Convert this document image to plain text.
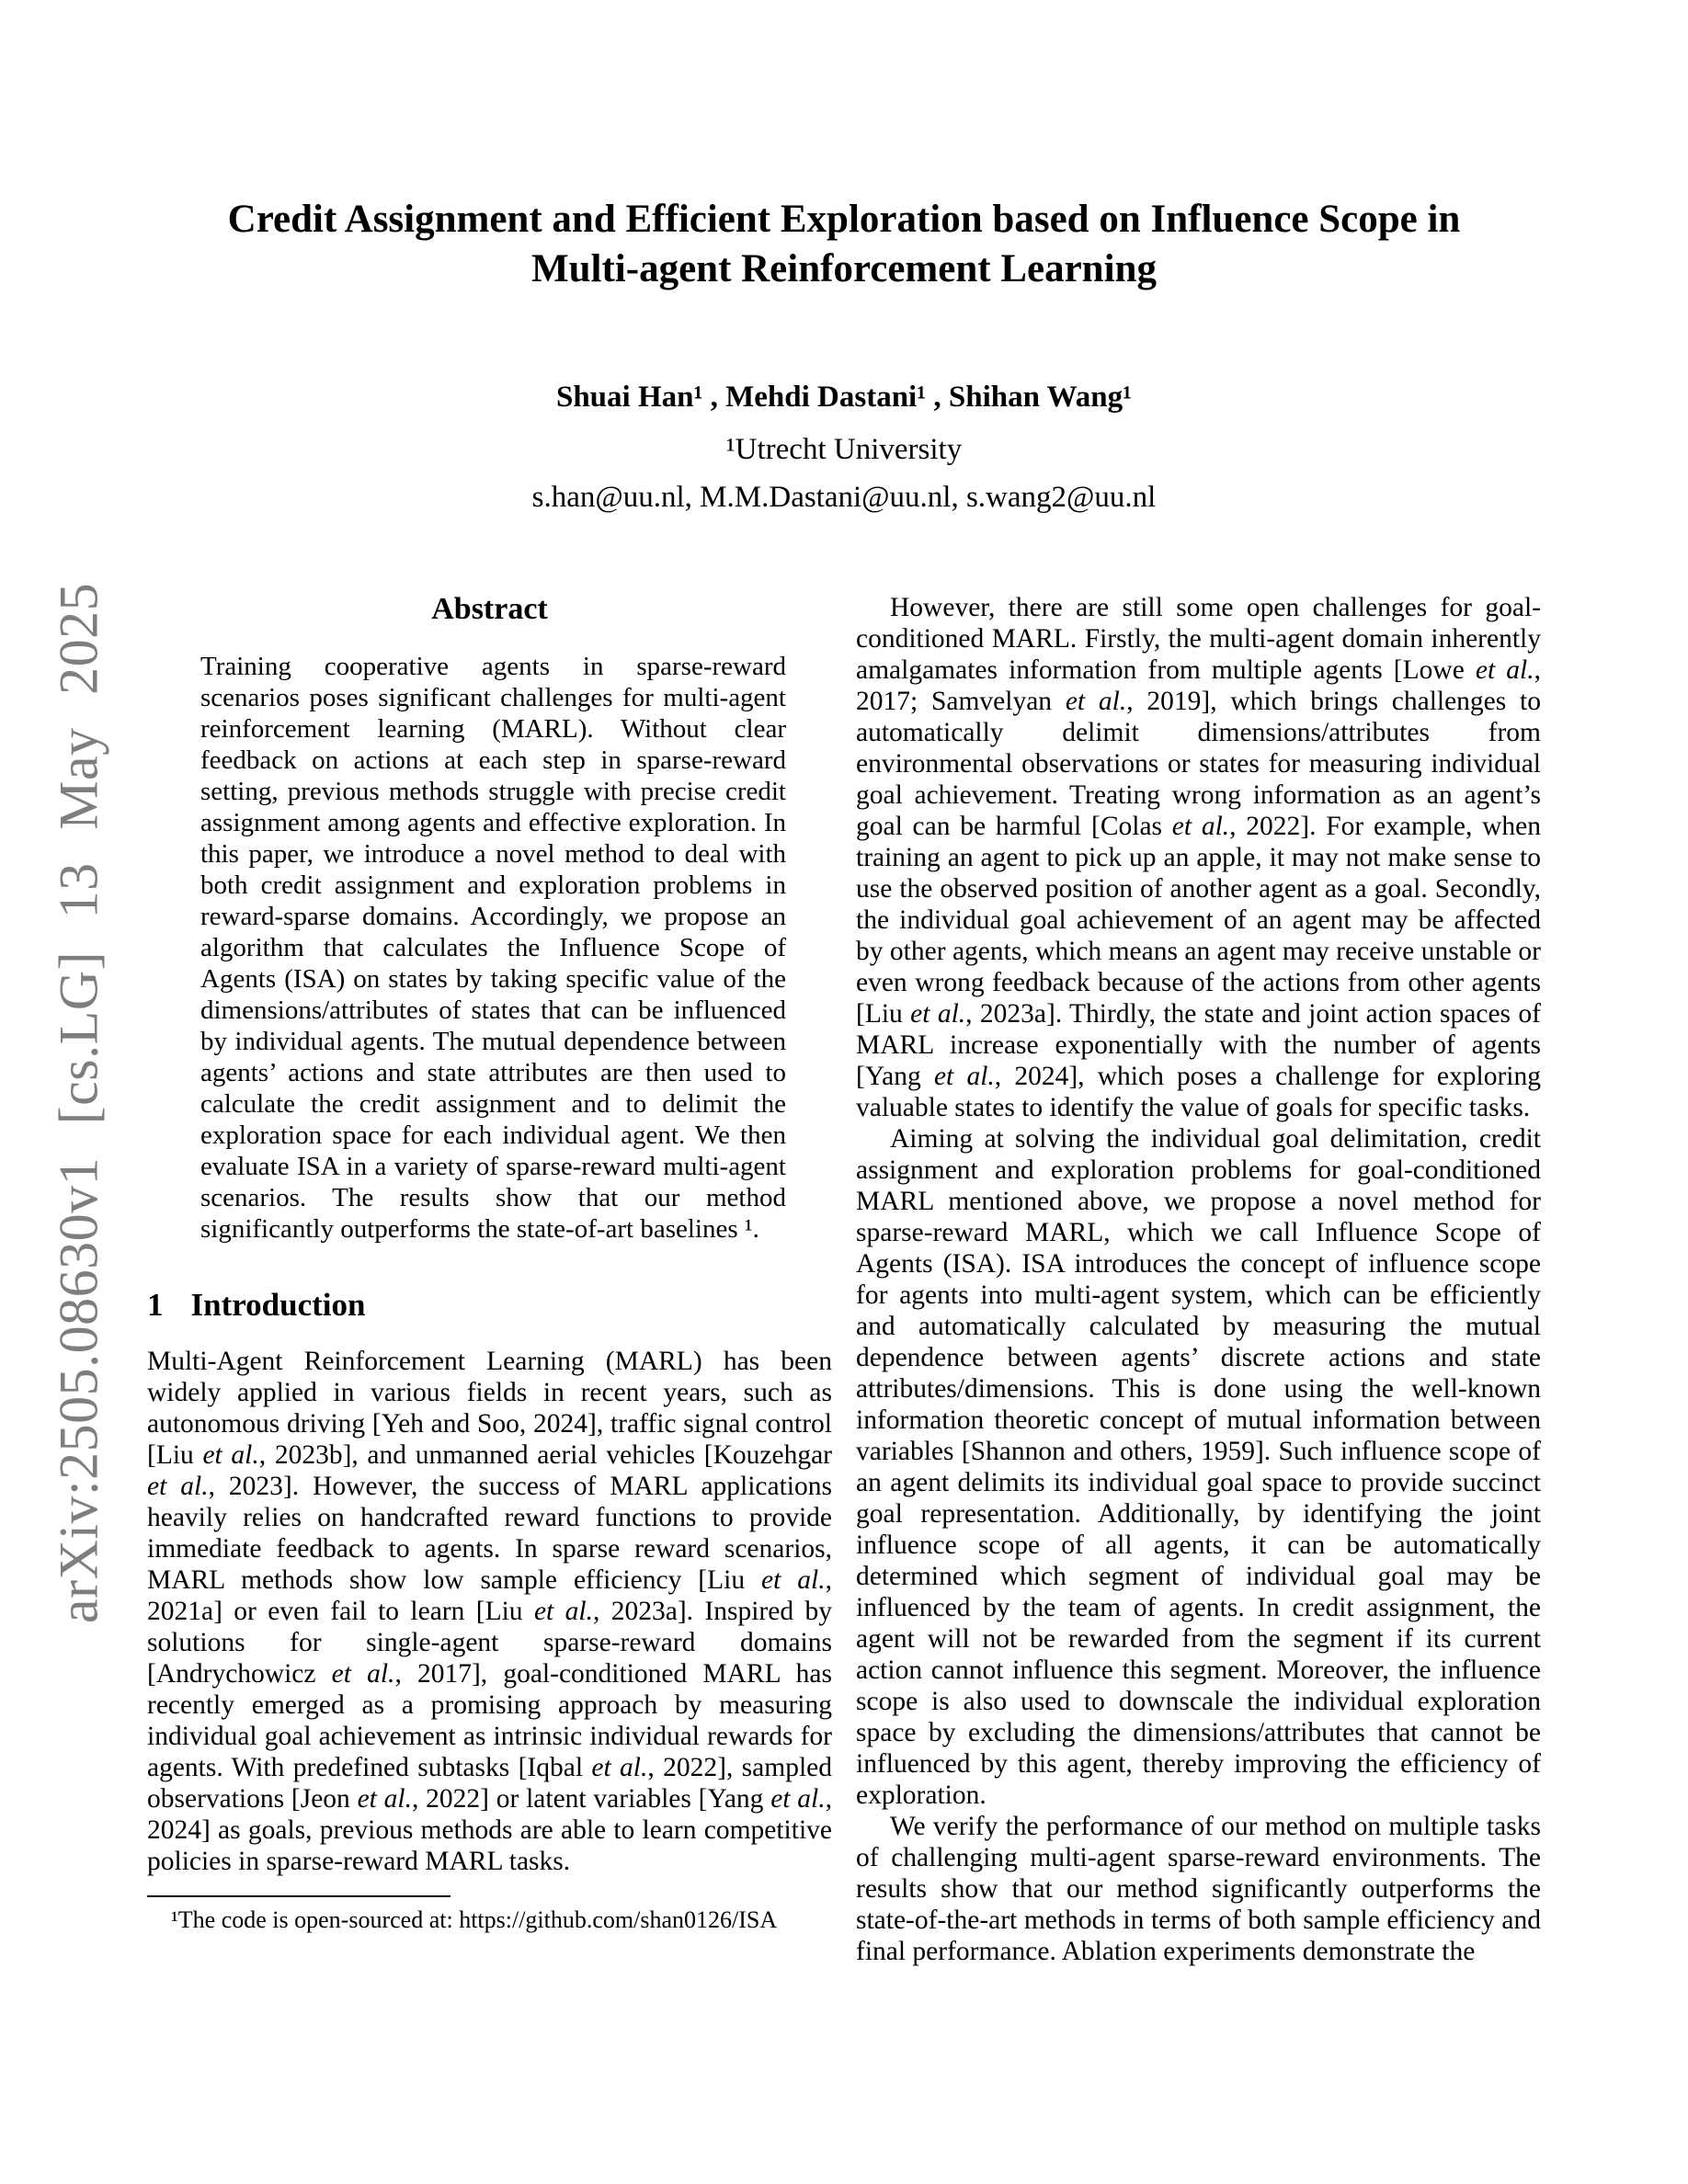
arXiv:2505.08630v1 [cs.LG] 13 May 2025
Credit Assignment and Efficient Exploration based on Influence Scope in
Multi-agent Reinforcement Learning
Shuai Han¹ , Mehdi Dastani¹ , Shihan Wang¹
¹Utrecht University
s.han@uu.nl, M.M.Dastani@uu.nl, s.wang2@uu.nl
Abstract

Training cooperative agents in sparse-reward scenarios poses significant challenges for multi-agent reinforcement learning (MARL). Without clear feedback on actions at each step in sparse-reward setting, previous methods struggle with precise credit assignment among agents and effective exploration. In this paper, we introduce a novel method to deal with both credit assignment and exploration problems in reward-sparse domains. Accordingly, we propose an algorithm that calculates the Influence Scope of Agents (ISA) on states by taking specific value of the dimensions/attributes of states that can be influenced by individual agents. The mutual dependence between agents’ actions and state attributes are then used to calculate the credit assignment and to delimit the exploration space for each individual agent. We then evaluate ISA in a variety of sparse-reward multi-agent scenarios. The results show that our method significantly outperforms the state-of-art baselines ¹.

1 Introduction

Multi-Agent Reinforcement Learning (MARL) has been widely applied in various fields in recent years, such as autonomous driving [Yeh and Soo, 2024], traffic signal control [Liu et al., 2023b], and unmanned aerial vehicles [Kouzehgar et al., 2023]. However, the success of MARL applications heavily relies on handcrafted reward functions to provide immediate feedback to agents. In sparse reward scenarios, MARL methods show low sample efficiency [Liu et al., 2021a] or even fail to learn [Liu et al., 2023a]. Inspired by solutions for single-agent sparse-reward domains [Andrychowicz et al., 2017], goal-conditioned MARL has recently emerged as a promising approach by measuring individual goal achievement as intrinsic individual rewards for agents. With predefined subtasks [Iqbal et al., 2022], sampled observations [Jeon et al., 2022] or latent variables [Yang et al., 2024] as goals, previous methods are able to learn competitive policies in sparse-reward MARL tasks.

¹The code is open-sourced at: https://github.com/shan0126/ISA

However, there are still some open challenges for goal-conditioned MARL. Firstly, the multi-agent domain inherently amalgamates information from multiple agents [Lowe et al., 2017; Samvelyan et al., 2019], which brings challenges to automatically delimit dimensions/attributes from environmental observations or states for measuring individual goal achievement. Treating wrong information as an agent’s goal can be harmful [Colas et al., 2022]. For example, when training an agent to pick up an apple, it may not make sense to use the observed position of another agent as a goal. Secondly, the individual goal achievement of an agent may be affected by other agents, which means an agent may receive unstable or even wrong feedback because of the actions from other agents [Liu et al., 2023a]. Thirdly, the state and joint action spaces of MARL increase exponentially with the number of agents [Yang et al., 2024], which poses a challenge for exploring valuable states to identify the value of goals for specific tasks.

Aiming at solving the individual goal delimitation, credit assignment and exploration problems for goal-conditioned MARL mentioned above, we propose a novel method for sparse-reward MARL, which we call Influence Scope of Agents (ISA). ISA introduces the concept of influence scope for agents into multi-agent system, which can be efficiently and automatically calculated by measuring the mutual dependence between agents’ discrete actions and state attributes/dimensions. This is done using the well-known information theoretic concept of mutual information between variables [Shannon and others, 1959]. Such influence scope of an agent delimits its individual goal space to provide succinct goal representation. Additionally, by identifying the joint influence scope of all agents, it can be automatically determined which segment of individual goal may be influenced by the team of agents. In credit assignment, the agent will not be rewarded from the segment if its current action cannot influence this segment. Moreover, the influence scope is also used to downscale the individual exploration space by excluding the dimensions/attributes that cannot be influenced by this agent, thereby improving the efficiency of exploration.

We verify the performance of our method on multiple tasks of challenging multi-agent sparse-reward environments. The results show that our method significantly outperforms the state-of-the-art methods in terms of both sample efficiency and final performance. Ablation experiments demonstrate the
